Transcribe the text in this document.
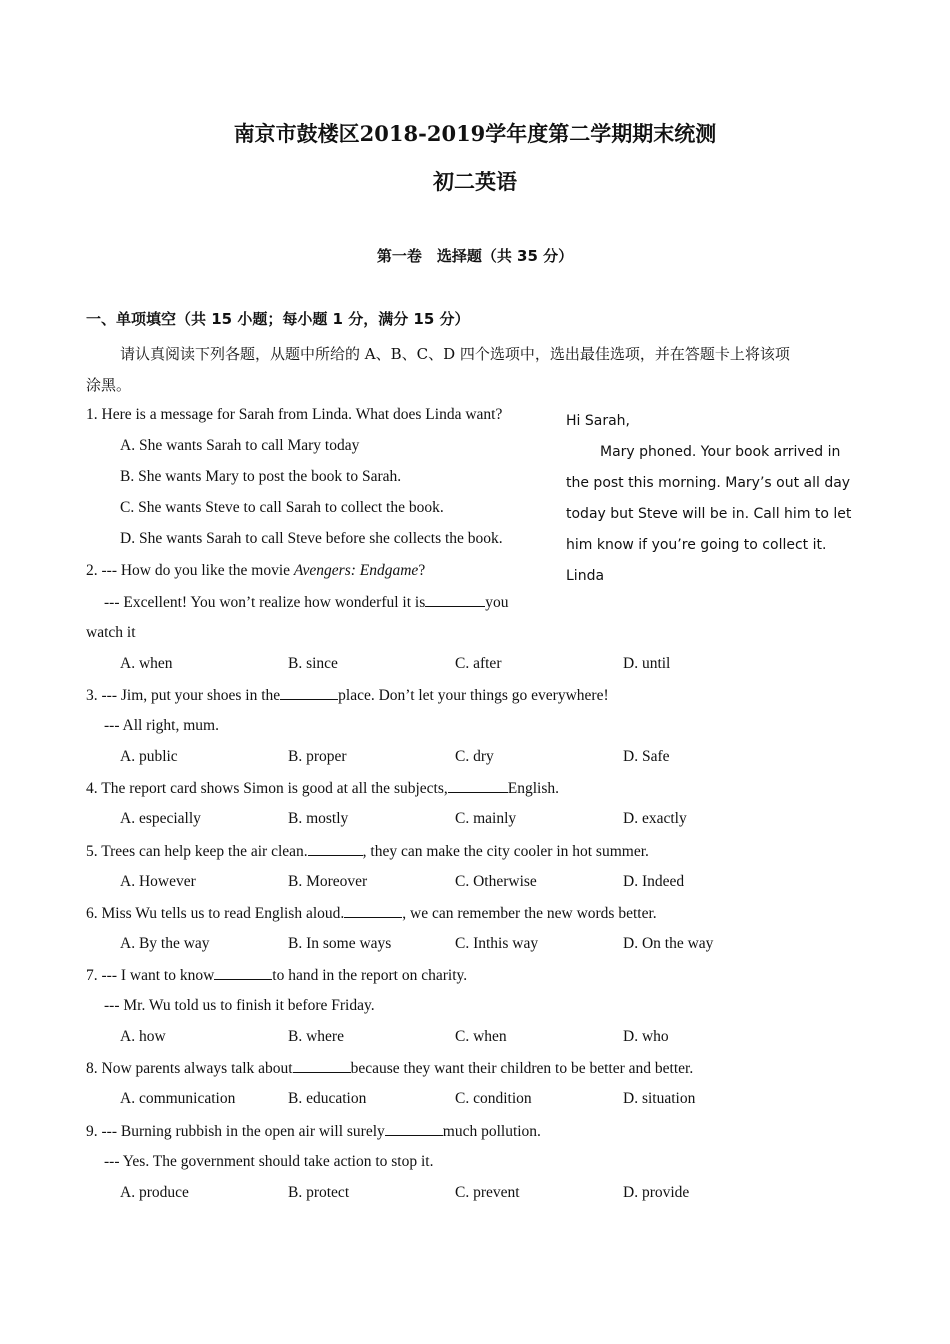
南京市鼓楼区2018-2019学年度第二学期期末统测
初二英语
第一卷　选择题（共 35 分）
一、单项填空（共 15 小题；每小题 1 分，满分 15 分）
请认真阅读下列各题，从题中所给的 A、B、C、D 四个选项中，选出最佳选项，并在答题卡上将该项
涂黑。
Hi Sarah,
Mary phoned. Your book arrived in
the post this morning. Mary’s out all day
today but Steve will be in. Call him to let
him know if you’re going to collect it.
Linda
1. Here is a message for Sarah from Linda. What does Linda want?
A. She wants Sarah to call Mary today
B. She wants Mary to post the book to Sarah.
C. She wants Steve to call Sarah to collect the book.
D. She wants Sarah to call Steve before she collects the book.
2. --- How do you like the movie Avengers: Endgame?
--- Excellent! You won’t realize how wonderful it is	you
watch it
A. when	B. since	C. after	D. until
3. --- Jim, put your shoes in the	place. Don’t let your things go everywhere!
--- All right, mum.
A. public	B. proper	C. dry	D. Safe
4. The report card shows Simon is good at all the subjects,	English.
A. especially	B. mostly	C. mainly	D. exactly
5. Trees can help keep the air clean.	, they can make the city cooler in hot summer.
A. However	B. Moreover	C. Otherwise	D. Indeed
6. Miss Wu tells us to read English aloud.	, we can remember the new words better.
A. By the way	B. In some ways	C. Inthis way	D. On the way
7. --- I want to know	to hand in the report on charity.
--- Mr. Wu told us to finish it before Friday.
A. how	B. where	C. when	D. who
8. Now parents always talk about	because they want their children to be better and better.
A. communication	B. education	C. condition	D. situation
9. --- Burning rubbish in the open air will surely	much pollution.
--- Yes. The government should take action to stop it.
A. produce	B. protect	C. prevent	D. provide
